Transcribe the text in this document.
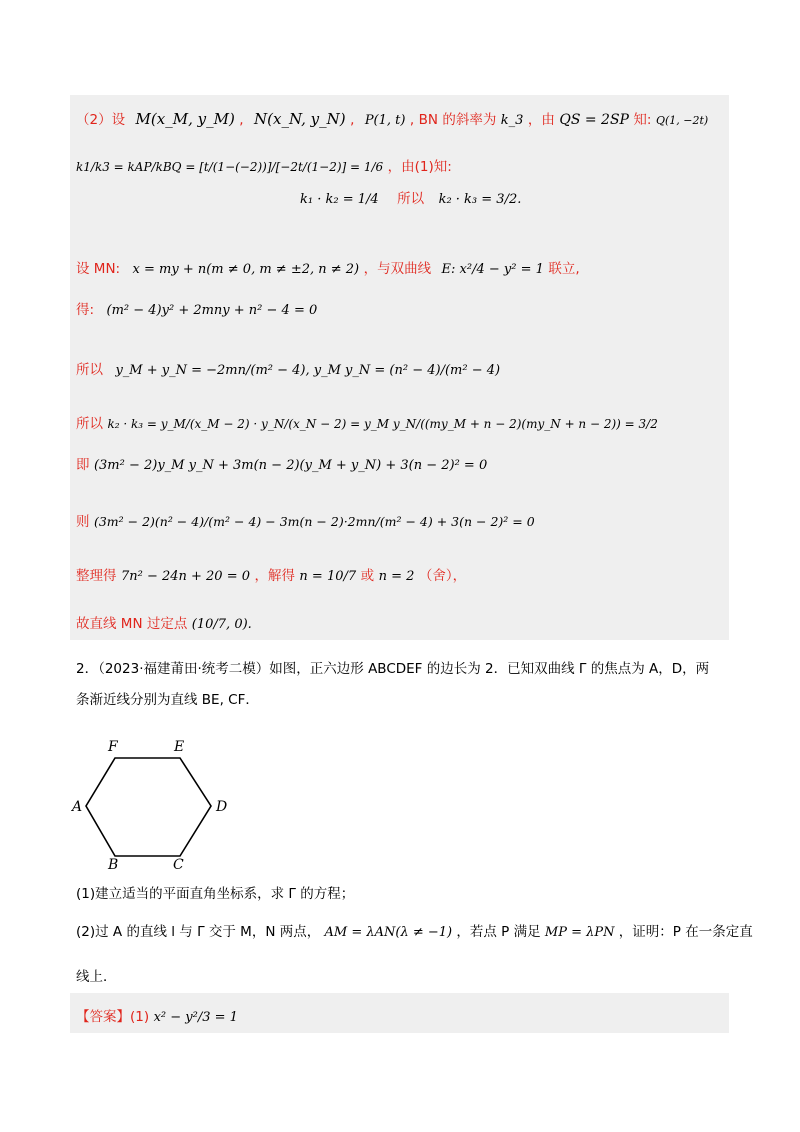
（2）设 M(x_M, y_M) , N(x_N, y_N) , P(1, t) , BN 的斜率为 k_3 ，由 QS = 2SP 知: Q(1, −2t)
k1/k3 = kAP/kBQ = [t/(1−(−2))]/[−2t/(1−2)] = 1/6 ，由(1)知:
k₁ · k₂ = 1/4 所以 k₂ · k₃ = 3/2.
设 MN: x = my + n(m ≠ 0, m ≠ ±2, n ≠ 2) ，与双曲线 E: x²/4 − y² = 1 联立,
得: (m² − 4)y² + 2mny + n² − 4 = 0
所以 y_M + y_N = −2mn/(m² − 4), y_M y_N = (n² − 4)/(m² − 4)
所以 k₂ · k₃ = y_M/(x_M − 2) · y_N/(x_N − 2) = y_M y_N/((my_M + n − 2)(my_N + n − 2)) = 3/2
即 (3m² − 2)y_M y_N + 3m(n − 2)(y_M + y_N) + 3(n − 2)² = 0
则 (3m² − 2)(n² − 4)/(m² − 4) − 3m(n − 2)·2mn/(m² − 4) + 3(n − 2)² = 0
整理得 7n² − 24n + 20 = 0 ，解得 n = 10/7 或 n = 2 （舍），
故直线 MN 过定点 (10/7, 0).
2．（2023·福建莆田·统考二模）如图，正六边形 ABCDEF 的边长为 2．已知双曲线 Γ 的焦点为 A，D，两
条渐近线分别为直线 BE, CF．
F	E
A	D
B	C
(1)建立适当的平面直角坐标系，求 Γ 的方程；
(2)过 A 的直线 l 与 Γ 交于 M，N 两点， AM = λAN(λ ≠ −1) ，若点 P 满足 MP = λPN ，证明：P 在一条定直
线上．
【答案】(1) x² − y²/3 = 1
